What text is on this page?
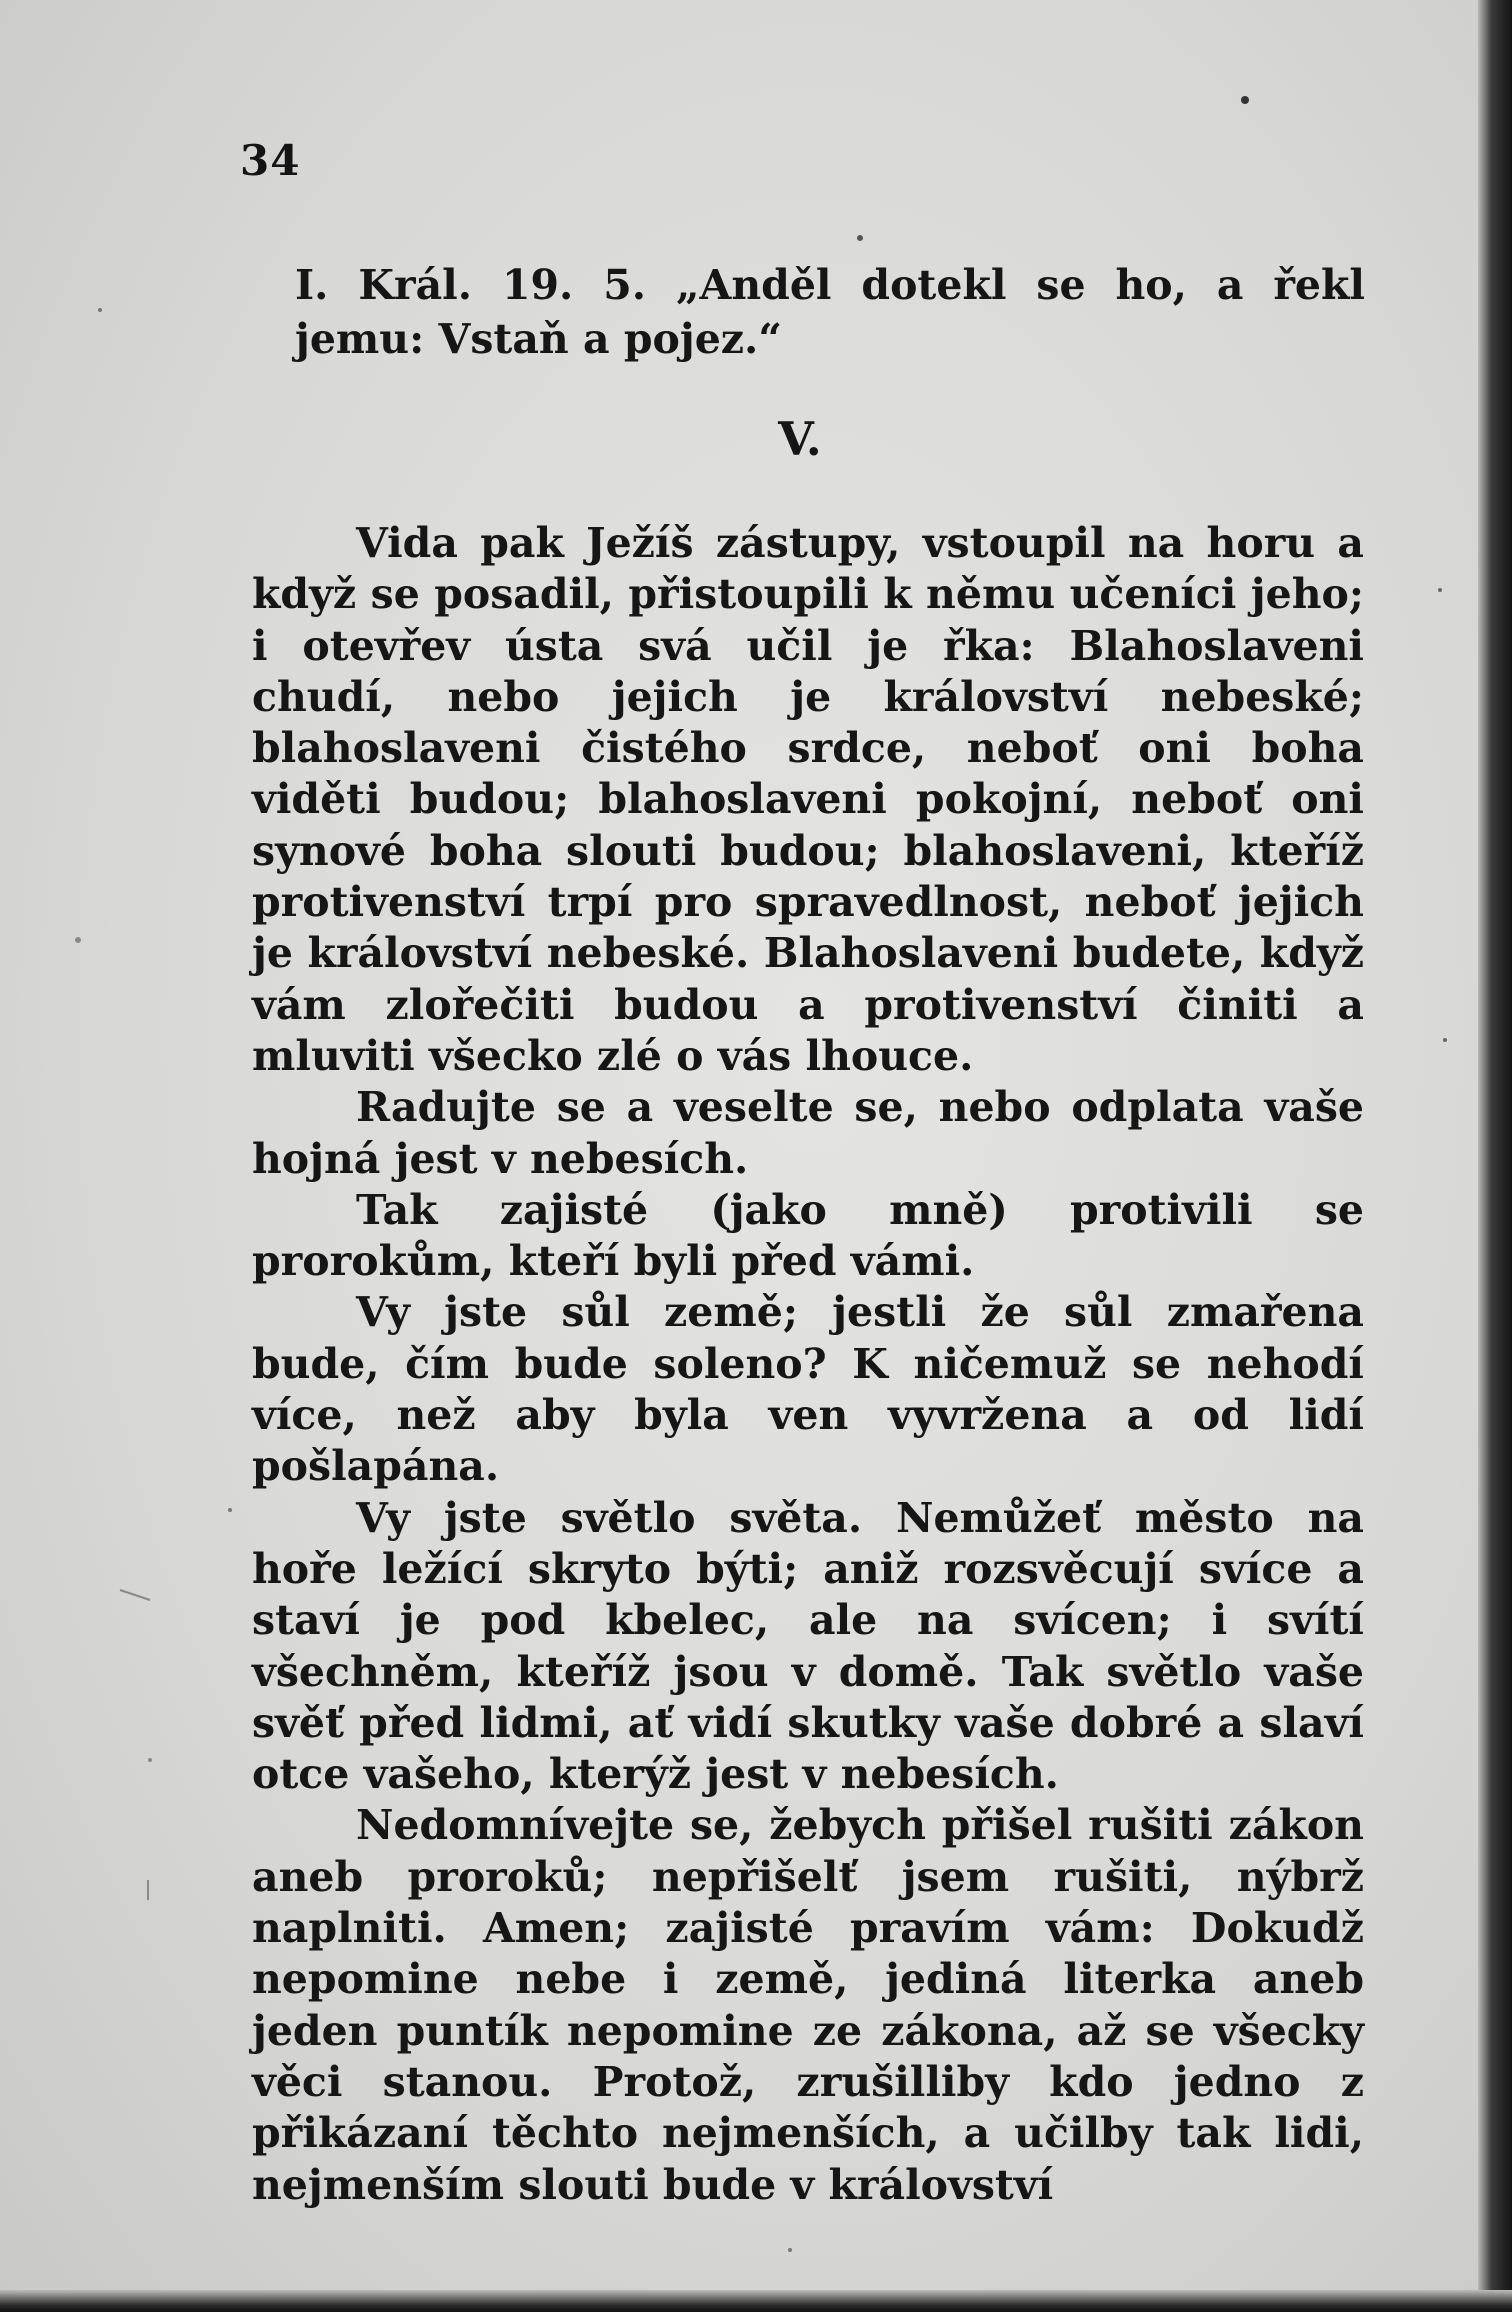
34
I. Král. 19. 5. „Anděl dotekl se ho, a řekl jemu: Vstaň a pojez.“
V.

Vida pak Ježíš zástupy, vstoupil na horu a když se posadil, přistoupili k němu učeníci jeho; i otevřev ústa svá učil je řka: Blahoslaveni chudí, nebo jejich je království nebeské; blahoslaveni čistého srdce, neboť oni boha viděti budou; blahoslaveni pokojní, neboť oni synové boha slouti budou; blahoslaveni, kteříž protivenství trpí pro spravedlnost, neboť jejich je království nebeské. Blahoslaveni budete, když vám zlořečiti budou a protivenství činiti a mluviti všecko zlé o vás lhouce.

Radujte se a veselte se, nebo odplata vaše hojná jest v nebesích.

Tak zajisté (jako mně) protivili se prorokům, kteří byli před vámi.

Vy jste sůl země; jestli že sůl zmařena bude, čím bude soleno? K ničemuž se nehodí více, než aby byla ven vyvržena a od lidí pošlapána.

Vy jste světlo světa. Nemůžeť město na hoře ležící skryto býti; aniž rozsvěcují svíce a staví je pod kbelec, ale na svícen; i svítí všechněm, kteříž jsou v domě. Tak světlo vaše svěť před lidmi, ať vidí skutky vaše dobré a slaví otce vašeho, kterýž jest v nebesích.

Nedomnívejte se, žebych přišel rušiti zákon aneb proroků; nepřišelť jsem rušiti, nýbrž naplniti. Amen; zajisté pravím vám: Dokudž nepomine nebe i země, jediná literka aneb jeden puntík nepomine ze zákona, až se všecky věci stanou. Protož, zrušilliby kdo jedno z přikázaní těchto nejmenších, a učilby tak lidi, nejmenším slouti bude v království
